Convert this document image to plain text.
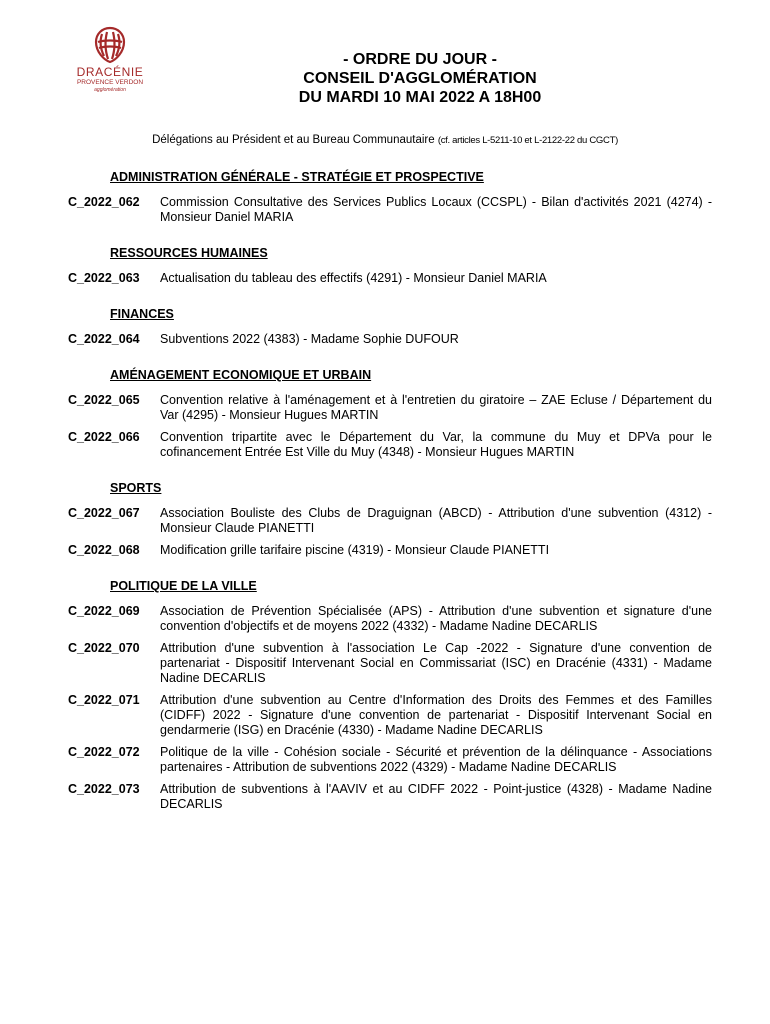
DRACÉNIE
PROVENCE VERDON
agglomération
- ORDRE DU JOUR -
CONSEIL D'AGGLOMÉRATION
DU MARDI 10 MAI 2022 A 18H00
Délégations au Président et au Bureau Communautaire (cf. articles L-5211-10 et L-2122-22 du CGCT)
ADMINISTRATION GÉNÉRALE - STRATÉGIE ET PROSPECTIVE
C_2022_062	Commission Consultative des Services Publics Locaux (CCSPL) - Bilan d'activités 2021 (4274) - Monsieur Daniel MARIA
RESSOURCES HUMAINES
C_2022_063	Actualisation du tableau des effectifs (4291) - Monsieur Daniel MARIA
FINANCES
C_2022_064	Subventions 2022 (4383) - Madame Sophie DUFOUR
AMÉNAGEMENT ECONOMIQUE ET URBAIN
C_2022_065	Convention relative à l'aménagement et à l'entretien du giratoire – ZAE Ecluse / Département du Var (4295) - Monsieur Hugues MARTIN
C_2022_066	Convention tripartite avec le Département du Var, la commune du Muy et DPVa pour le cofinancement Entrée Est Ville du Muy (4348) - Monsieur Hugues MARTIN
SPORTS
C_2022_067	Association Bouliste des Clubs de Draguignan (ABCD) - Attribution d'une subvention (4312) - Monsieur Claude PIANETTI
C_2022_068	Modification grille tarifaire piscine (4319) - Monsieur Claude PIANETTI
POLITIQUE DE LA VILLE
C_2022_069	Association de Prévention Spécialisée (APS) - Attribution d'une subvention et signature d'une convention d'objectifs et de moyens 2022 (4332) - Madame Nadine DECARLIS
C_2022_070	Attribution d'une subvention à l'association Le Cap -2022 - Signature d'une convention de partenariat - Dispositif Intervenant Social en Commissariat (ISC) en Dracénie (4331) - Madame Nadine DECARLIS
C_2022_071	Attribution d'une subvention au Centre d'Information des Droits des Femmes et des Familles (CIDFF) 2022 - Signature d'une convention de partenariat - Dispositif Intervenant Social en gendarmerie (ISG) en Dracénie (4330) - Madame Nadine DECARLIS
C_2022_072	Politique de la ville - Cohésion sociale - Sécurité et prévention de la délinquance - Associations partenaires - Attribution de subventions 2022 (4329) - Madame Nadine DECARLIS
C_2022_073	Attribution de subventions à l'AAVIV et au CIDFF 2022 - Point-justice (4328) - Madame Nadine DECARLIS
